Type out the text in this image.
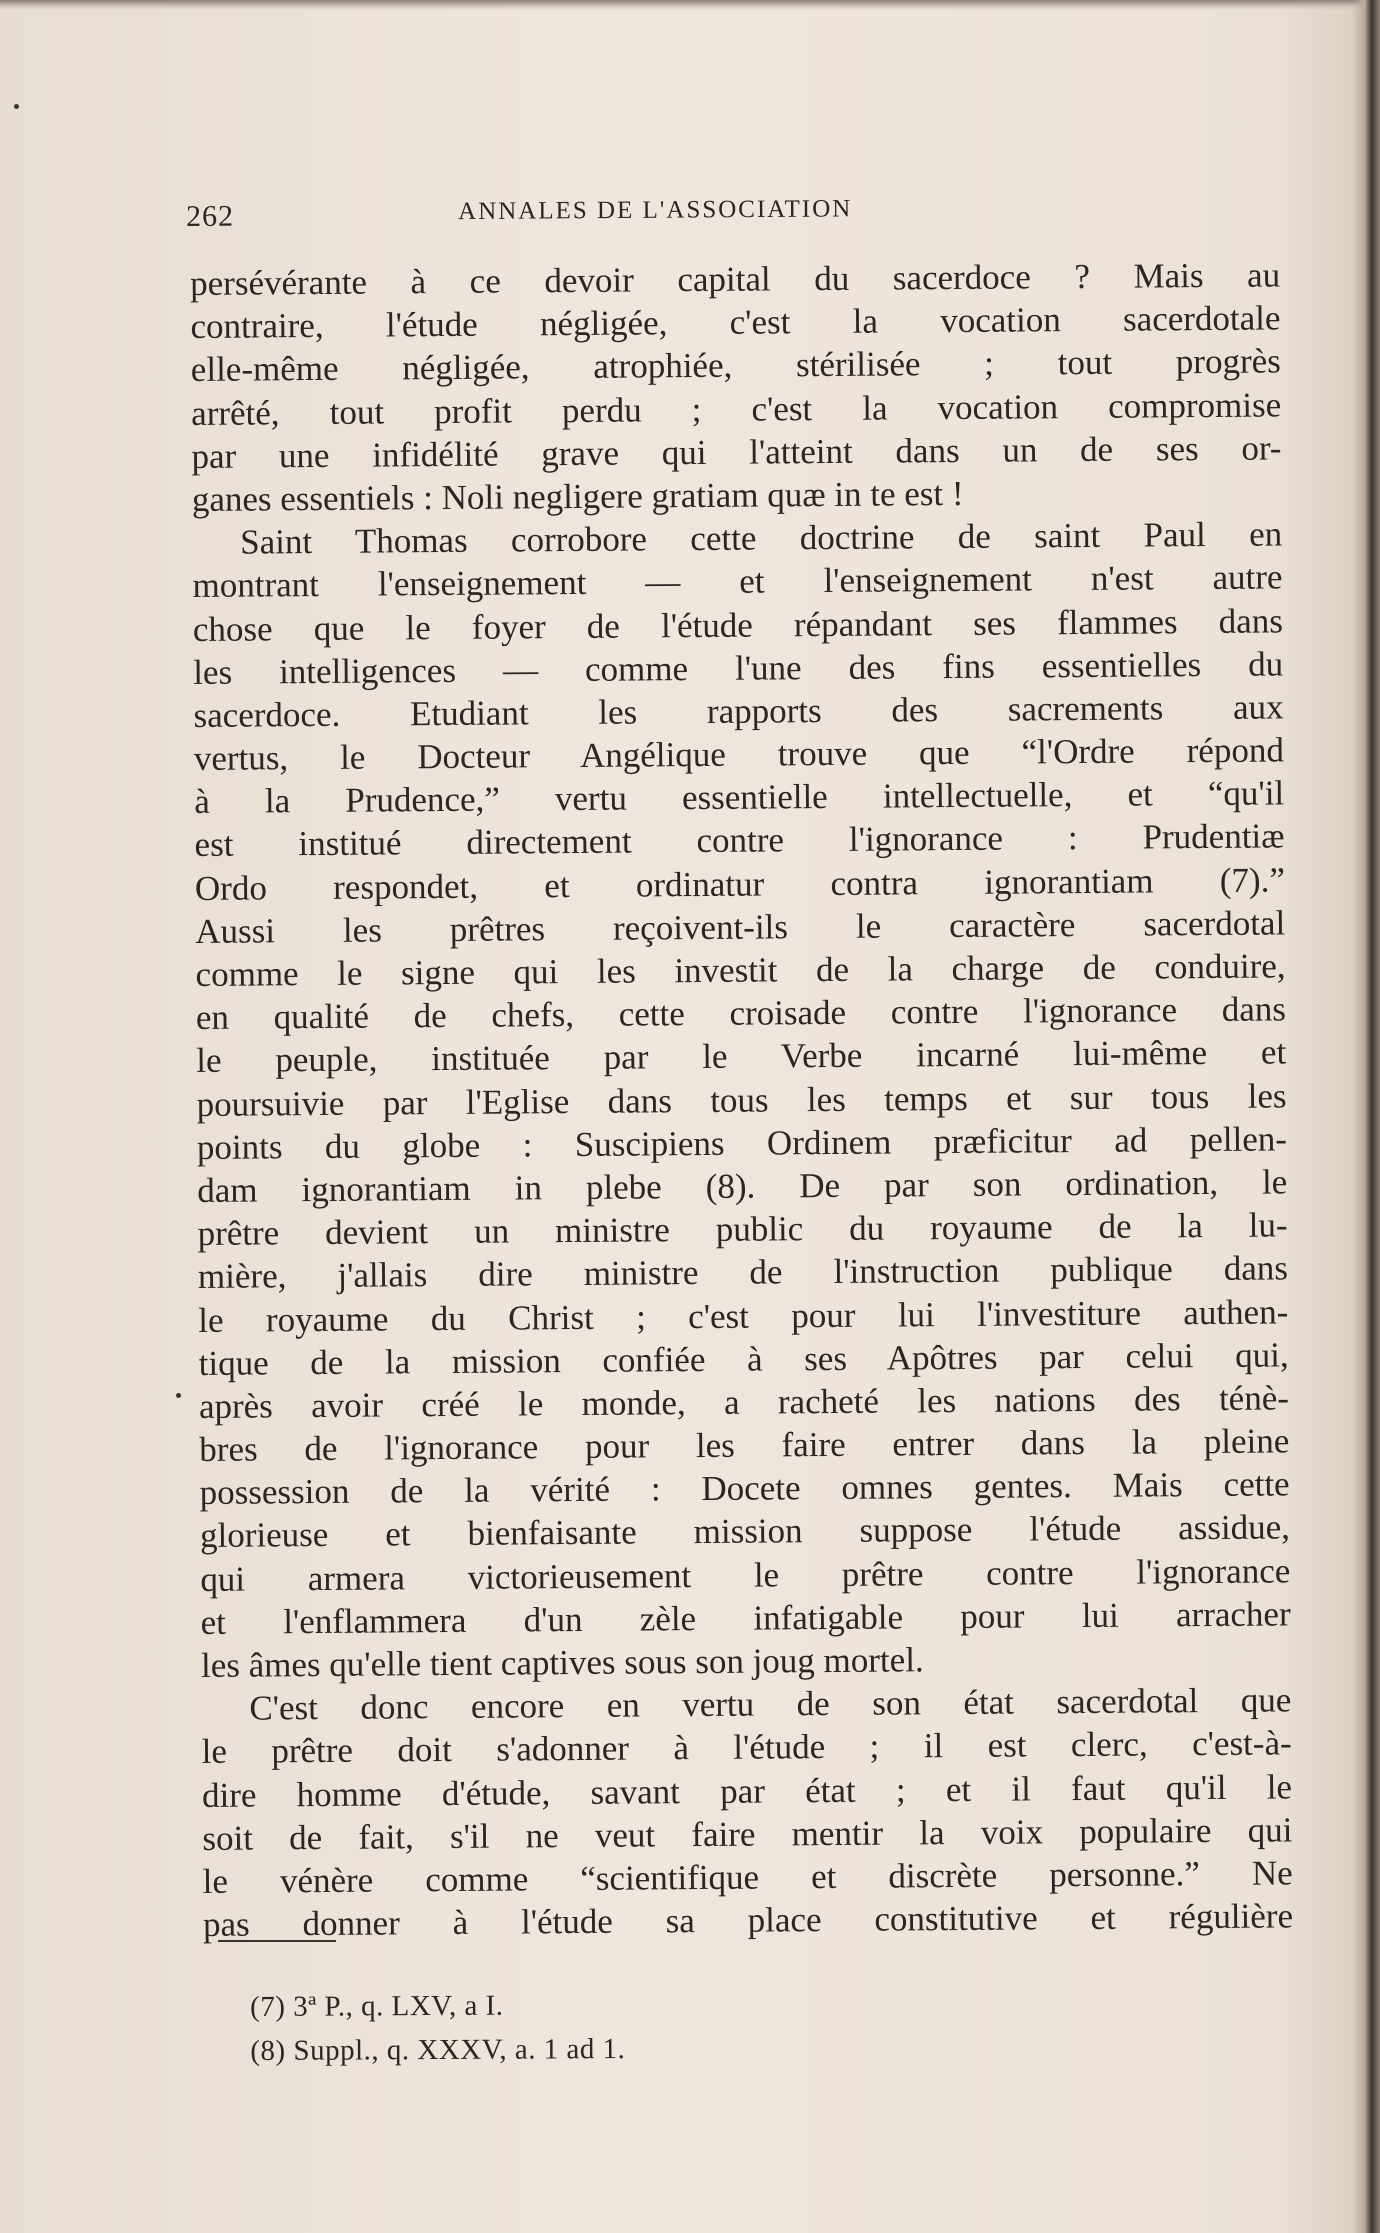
262	ANNALES DE L'ASSOCIATION
persévérante à ce devoir capital du sacerdoce ? Mais au
contraire, l'étude négligée, c'est la vocation sacerdotale
elle-même négligée, atrophiée, stérilisée ; tout progrès
arrêté, tout profit perdu ; c'est la vocation compromise
par une infidélité grave qui l'atteint dans un de ses or-
ganes essentiels : Noli negligere gratiam quæ in te est !
Saint Thomas corrobore cette doctrine de saint Paul en
montrant l'enseignement — et l'enseignement n'est autre
chose que le foyer de l'étude répandant ses flammes dans
les intelligences — comme l'une des fins essentielles du
sacerdoce. Etudiant les rapports des sacrements aux
vertus, le Docteur Angélique trouve que “l'Ordre répond
à la Prudence,” vertu essentielle intellectuelle, et “qu'il
est institué directement contre l'ignorance : Prudentiæ
Ordo respondet, et ordinatur contra ignorantiam (7).”
Aussi les prêtres reçoivent-ils le caractère sacerdotal
comme le signe qui les investit de la charge de conduire,
en qualité de chefs, cette croisade contre l'ignorance dans
le peuple, instituée par le Verbe incarné lui-même et
poursuivie par l'Eglise dans tous les temps et sur tous les
points du globe : Suscipiens Ordinem præficitur ad pellen-
dam ignorantiam in plebe (8). De par son ordination, le
prêtre devient un ministre public du royaume de la lu-
mière, j'allais dire ministre de l'instruction publique dans
le royaume du Christ ; c'est pour lui l'investiture authen-
tique de la mission confiée à ses Apôtres par celui qui,
après avoir créé le monde, a racheté les nations des ténè-
bres de l'ignorance pour les faire entrer dans la pleine
possession de la vérité : Docete omnes gentes. Mais cette
glorieuse et bienfaisante mission suppose l'étude assidue,
qui armera victorieusement le prêtre contre l'ignorance
et l'enflammera d'un zèle infatigable pour lui arracher
les âmes qu'elle tient captives sous son joug mortel.
C'est donc encore en vertu de son état sacerdotal que
le prêtre doit s'adonner à l'étude ; il est clerc, c'est-à-
dire homme d'étude, savant par état ; et il faut qu'il le
soit de fait, s'il ne veut faire mentir la voix populaire qui
le vénère comme “scientifique et discrète personne.” Ne
pas donner à l'étude sa place constitutive et régulière
(7) 3ª P., q. LXV, a I.
(8) Suppl., q. XXXV, a. 1 ad 1.
